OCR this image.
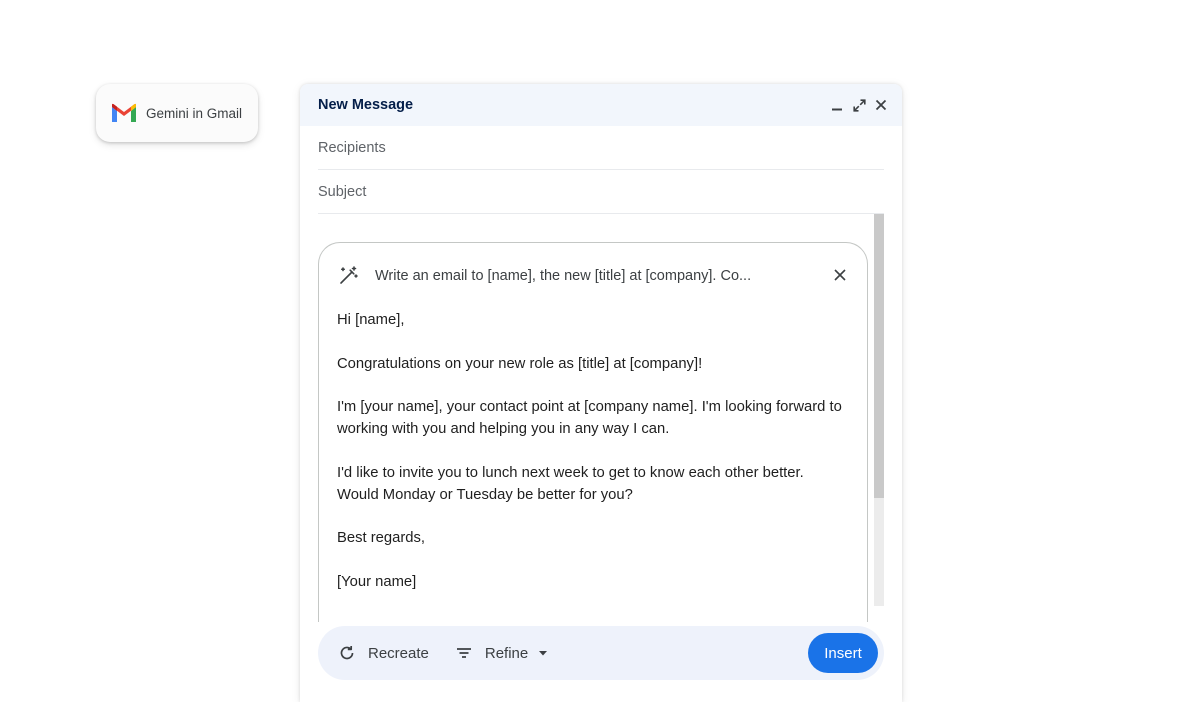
Gemini in Gmail	New Message
Recipients
Subject
Write an email to [name], the new [title] at [company]. Co...

Hi [name],

Congratulations on your new role as [title] at [company]!

I'm [your name], your contact point at [company name]. I'm looking forward to working with you and helping you in any way I can.

I'd like to invite you to lunch next week to get to know each other better. Would Monday or Tuesday be better for you?

Best regards,

[Your name]

Recreate	Refine	Insert
